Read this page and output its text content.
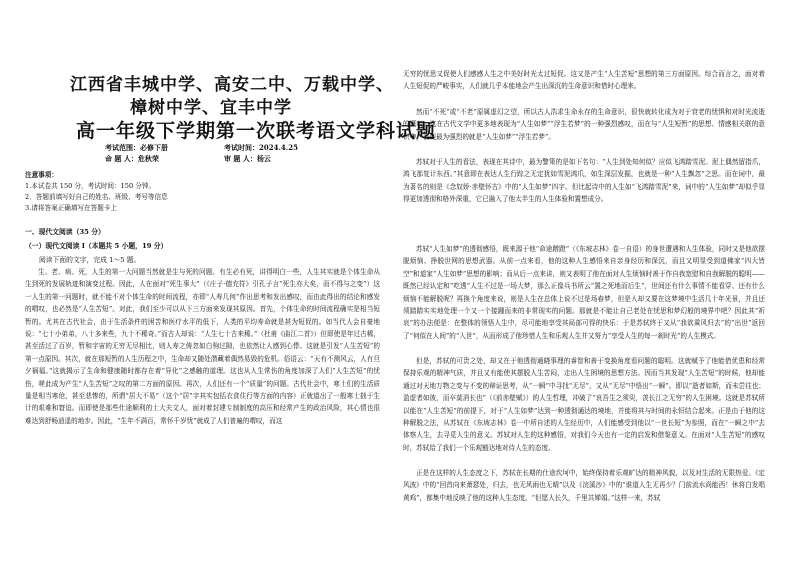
江西省丰城中学、高安二中、万载中学、
樟树中学、宜丰中学
高一年级下学期第一次联考语文学科试题
考试范围：必修下册	考试时间：2024.4.25
命 题 人：危秋荣	审 题 人：杨云
注意事项：
1.本试卷共 150 分，考试时间：150 分钟。
2．答题前填写好自己的姓名、班级、考号等信息
3.请将答案正确填写在答题卡上
一、现代文阅读（35 分）
（一）现代文阅读 I（本题共 5 小题，19 分）
阅读下面的文字，完成 1～5 题。
生、老、病、死，人生的第一大问题当然就是生与死的问题。有生必有死，讲得明白一些，人生其实就是个体生命从生到死的发展轨迹和演变过程。因此，人在面对“死生事大”（《庄子·德充符》引孔子言“死生亦大矣，而不得与之变”）这一人生的第一问题时，就不能不对个体生命的时间流程，亦即“人寿几何”作出思考和发出感叹，而由此得出的结论和感发的喟叹，也必然是“人生苦短”。对此，我们至少可以从下三方面来发现其原因。首先，个体生命的时间流程确实是相当短暂的。尤其在古代社会，由于生活条件的困苦和医疗水平的低下，人类的平均寿命就是甚为短促的。如当代人会自豪地说：“七十小弟弟，八十多来些，九十不稀奇。”而古人却说：“人生七十古来稀。”（杜甫《曲江二首》）但即使是年过古稀，甚至活过了百岁，暂和宇宙的无穷无尽相比，则人寿之俦忽如白驹过隙，也依然让人感到心悸。这就是引发“人生苦短”的第一点原因。其次，就在那短暂的人生历程之中，生命却又随处潜藏着偶然易毁的危机。俗语云：“天有不测风云，人有旦夕祸福。”这就揭示了生命和健康随时都存在着“异化”之感触的道理。这也从人生常伤的角度加深了人们“人生苦短”的忧伤，嗟此成为产生“人生苦短”之叹的第二方面的原因。再次，人们还有一个“质量”的问题。古代社会中，寒士们的生活质量是相当寒伧，甚至悲惨的，所谓“居大不易”（这个“居”字其实包括衣食住行等方面的内容）正就道出了一般寒士拙于生计的艰难和窘迫。而即使是那些仕途顺利的士大夫文人，面对着封建专制制度的高压和经常产生的政治风险，其心情也很难达到舒畅逍遥的地步。因此，“生年不满百，常怀千岁忧”就成了人们普遍的喟叹，而这
无穷的忧思又促使人们感感人生之中美好时光太过短促。这又是产生“人生苦短”思想的第三方面原因。综合而言之，面对着人生短促的严峻事实，人们就几乎本能地会产生出深沉的生命意识和惜时心理来。
然而“不死”或“不老”原属虚幻之望，所以古人浩求生命永存的生命意识，很快就转化成为对于衰老的忧惧和对时光流逝的慨叹。这在古代文学中更多地表现为“人生如梦”“浮生若梦”的一种强烈感叹，而在与“人生短暂”的思想、情感相关联的意识中，表现最为强烈的就是“人生如梦”“浮生若梦”。
苏轼对于人生的看法，表现在其诗中，最为警策的是如下名句：“人生到处知何似？应似飞鸿踏雪泥。泥上偶然留指爪，鸿飞那复计东西。”其意即在表达人生行踪之无定犹如雪泥鸿爪，如生深层发掘，也就是一种“人生飘忽”之思。而在词中，最为著名的则是《念奴娇·赤壁怀古》中的“人生如梦”四字。但比起诗中的人生如“飞鸿踏雪泥”来，词中的“人生如梦”却似乎显得更加透彻和格外深重，它已融入了他太半生的人生体验和置想成分。
苏轼“人生如梦”的透彻感悟，既来源于他“命途蹭蹬”（《东坡志林》卷一自语）的身世遭遇和人生体验，同时又是他欲摆脱烦恼、挣脱世网的思想武器。从前一点来看，他的这种人生感悟来自亲身经历和深沉，而且又明显受到道佛家“四大皆空”和道家“人生如梦”思想的影响；而从后一点来讲，则又表明了他在面对人生烦恼时善于作自我宽慰和自我解脱的聪明——既然已经认定和“吃透”人生不过是一场大梦，那么正像兵书所云“置之死地而后生”，世间还有什么事情不能看穿、还有什么烦恼不能解脱呢？再换个角度来说，则是人生在总体上说不过是场春梦，但是人却又要在这梦境中生活几十年光景，并且还须踏踏实实地处理一个又一个接踵而来的非常现实的问题。那就是不能让自己老处在忧思和梦幻般的境界中吧？因此其“祈哀”的办法便是：在整体的领悟人生中，尽可能地享受其局部可得的快乐：于是苏轼终于又从“我欲乘风归去”的“出世”返回了“何似在人间”的“入世”，从而形成了他珍惜人生和乐观人生并又努力“享受人生的每一刹时光”的人生模式。
但是，苏轼的可贵之处，却又在于他透彻通晓事理的睿智和善于变换角度看问题的聪明。这就赋予了他能借优患和经常保持乐观的精神气质，并且又有能使其摆脱人生苦闷，走出人生困境的思想方法。因而当其发现“人生苦短”的时候，他却能通过对天地万物之变与不变的辩证思考，从“一瞬”中寻找“无尽”，又从“无尽”中悟出“一瞬”。即以“逝者如斯，而未尝往也；盈虚者如彼，而卒莫消长也”（《前赤壁赋》）的人生哲理，冲破了“哀吾生之须臾，羡长江之无穷”的人生困境。这就是苏轼所以能在“人生苦短”的前提下，对于“人生如梦”达到一种透彻通达的境地，并能将其与时间的永恒结合起来。正是由于他的这种解脱之法，从苏轼在《东坡志林》卷一中所自述的人生经历中，人们能感受到他以“一世长短”为参照，而在“一瞬之中”去体察人生，去寻觅人生的意义。苏轼对人生的这种感悟，对我们今天也有一定的启发和借鉴意义。在面对“人生苦短”的感叹时，苏轼给了我们一个乐观豁达地对待人生的态度。
正是在这样的人生态度之下，苏轼在长期的仕途坎坷中，始终保持着乐观旷达的精神风貌，以及对生活的无限热爱。《定风波》中的“回首向来萧瑟处，归去，也无风雨也无晴”以及《浣溪沙》中的“谁道人生无再少？门前流水尚能西！休将白发唱黄鸡”，都集中地反映了他的这种人生态度。“但愿人长久，千里共婵娟。”这样一来，苏轼
